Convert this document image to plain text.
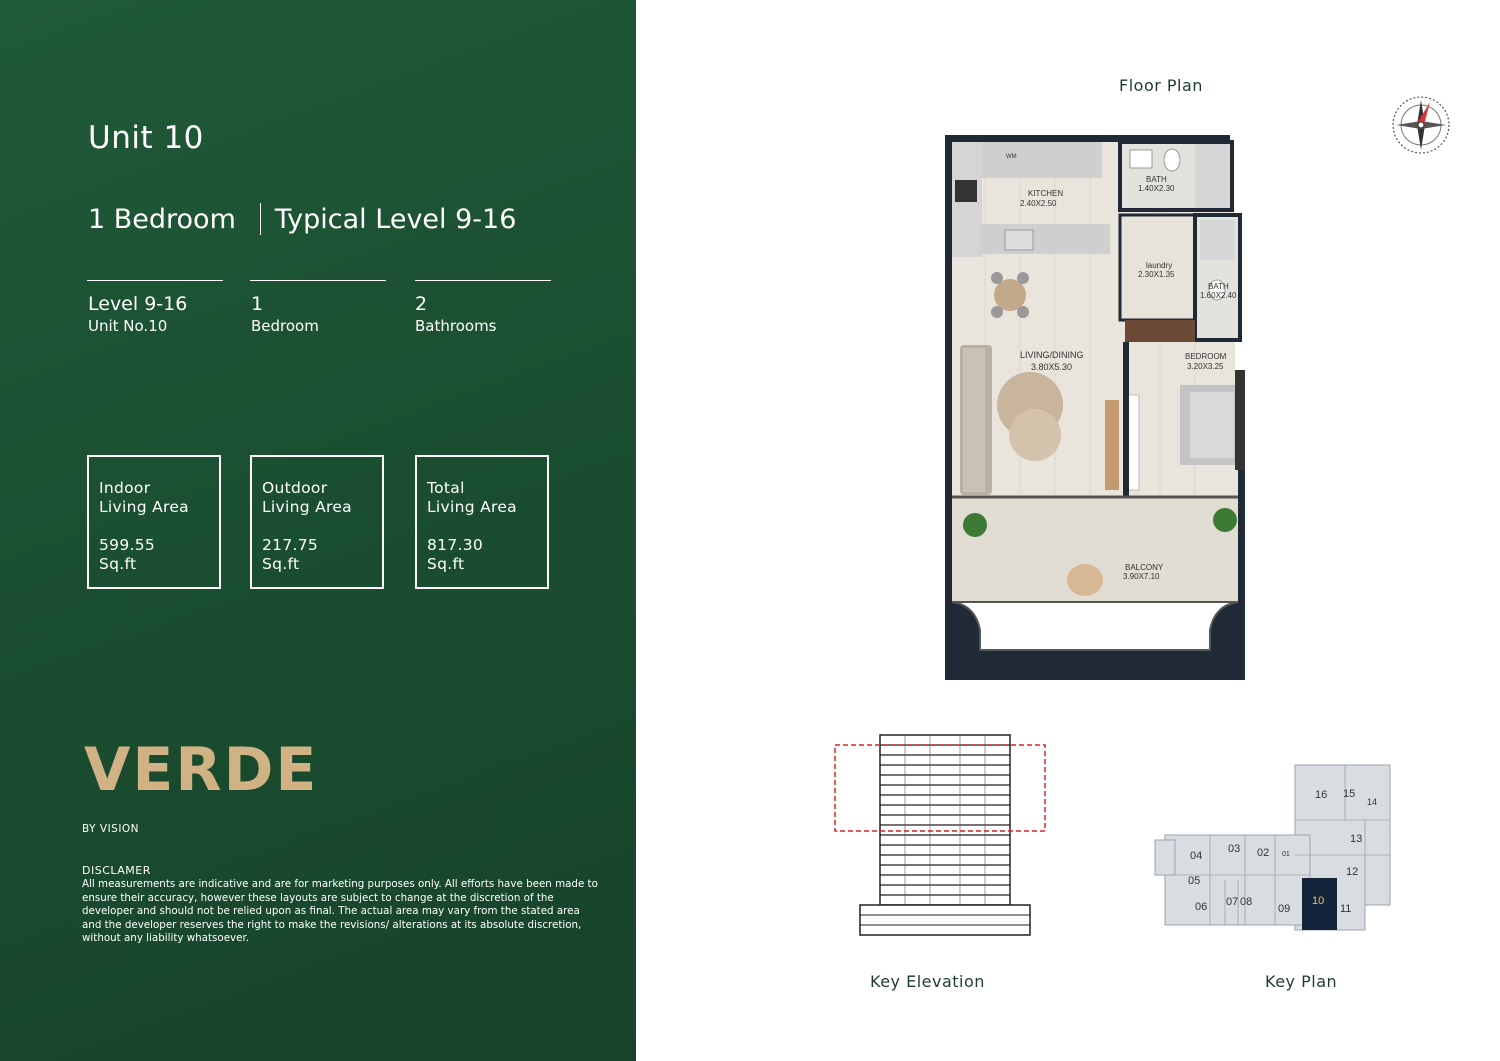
Unit 10
1 Bedroom Typical Level 9-16
Level 9-16
Unit No.10
1
Bedroom
2
Bathrooms
Indoor
Living Area
599.55
Sq.ft
Outdoor
Living Area
217.75
Sq.ft
Total
Living Area
817.30
Sq.ft
VERDE
BY VISION
DISCLAMER
All measurements are indicative and are for marketing purposes only. All efforts have been made to ensure their accuracy, however these layouts are subject to change at the discretion of the developer and should not be relied upon as final. The actual area may vary from the stated area and the developer reserves the right to make the revisions/ alterations at its absolute discretion, without any liability whatsoever.
Floor Plan
Key Elevation	Key Plan
KITCHEN
2.40X2.50
BATH
1.40X2.30
laundry
2.30X1.35
BATH
1.60X2.40
LIVING/DINING
3.80X5.30
BEDROOM
3.20X3.25
BALCONY
3.90X7.10
WM
16 15
14
13
12
11
10
09
08
07
06
05
04
03 02 01
